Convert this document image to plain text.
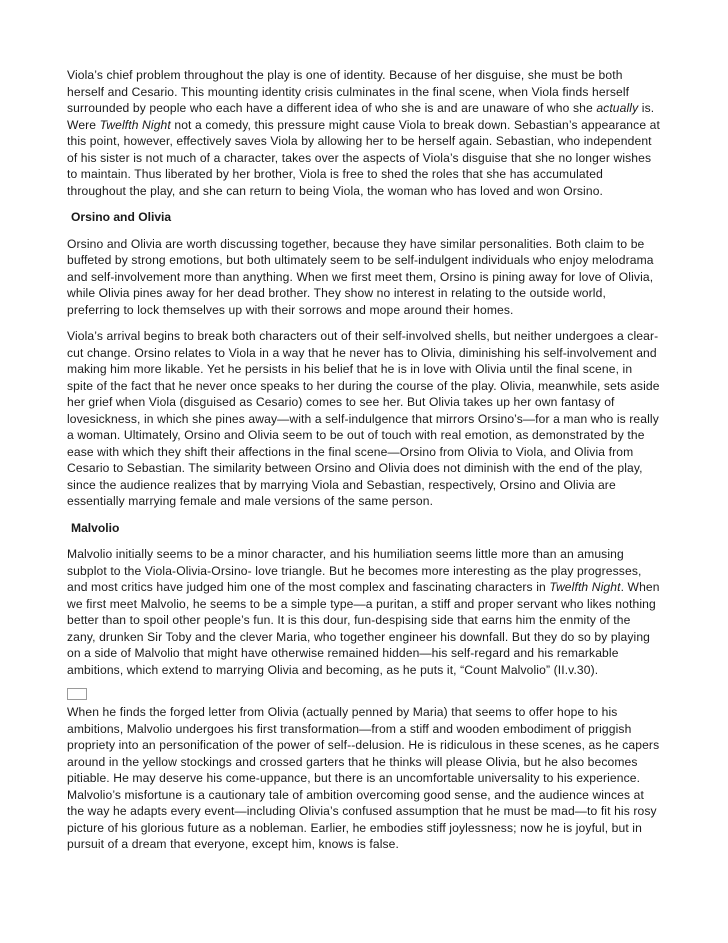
Viola’s chief problem throughout the play is one of identity. Because of her disguise, she must be both herself and Cesario. This mounting identity crisis culminates in the final scene, when Viola finds herself surrounded by people who each have a different idea of who she is and are unaware of who she actually is. Were Twelfth Night not a comedy, this pressure might cause Viola to break down. Sebastian’s appearance at this point, however, effectively saves Viola by allowing her to be herself again. Sebastian, who independent of his sister is not much of a character, takes over the aspects of Viola’s disguise that she no longer wishes to maintain. Thus liberated by her brother, Viola is free to shed the roles that she has accumulated throughout the play, and she can return to being Viola, the woman who has loved and won Orsino.

Orsino and Olivia

Orsino and Olivia are worth discussing together, because they have similar personalities. Both claim to be buffeted by strong emotions, but both ultimately seem to be self-indulgent individuals who enjoy melodrama and self-involvement more than anything. When we first meet them, Orsino is pining away for love of Olivia, while Olivia pines away for her dead brother. They show no interest in relating to the outside world, preferring to lock themselves up with their sorrows and mope around their homes.

Viola’s arrival begins to break both characters out of their self-involved shells, but neither undergoes a clear-cut change. Orsino relates to Viola in a way that he never has to Olivia, diminishing his self-involvement and making him more likable. Yet he persists in his belief that he is in love with Olivia until the final scene, in spite of the fact that he never once speaks to her during the course of the play. Olivia, meanwhile, sets aside her grief when Viola (disguised as Cesario) comes to see her. But Olivia takes up her own fantasy of lovesickness, in which she pines away—with a self-indulgence that mirrors Orsino’s—for a man who is really a woman. Ultimately, Orsino and Olivia seem to be out of touch with real emotion, as demonstrated by the ease with which they shift their affections in the final scene—Orsino from Olivia to Viola, and Olivia from Cesario to Sebastian. The similarity between Orsino and Olivia does not diminish with the end of the play, since the audience realizes that by marrying Viola and Sebastian, respectively, Orsino and Olivia are essentially marrying female and male versions of the same person.

Malvolio

Malvolio initially seems to be a minor character, and his humiliation seems little more than an amusing subplot to the Viola-Olivia-Orsino- love triangle. But he becomes more interesting as the play progresses, and most critics have judged him one of the most complex and fascinating characters in Twelfth Night. When we first meet Malvolio, he seems to be a simple type—a puritan, a stiff and proper servant who likes nothing better than to spoil other people’s fun. It is this dour, fun-despising side that earns him the enmity of the zany, drunken Sir Toby and the clever Maria, who together engineer his downfall. But they do so by playing on a side of Malvolio that might have otherwise remained hidden—his self-regard and his remarkable ambitions, which extend to marrying Olivia and becoming, as he puts it, “Count Malvolio” (II.v.30).

When he finds the forged letter from Olivia (actually penned by Maria) that seems to offer hope to his ambitions, Malvolio undergoes his first transformation—from a stiff and wooden embodiment of priggish propriety into an personification of the power of self--delusion. He is ridiculous in these scenes, as he capers around in the yellow stockings and crossed garters that he thinks will please Olivia, but he also becomes pitiable. He may deserve his come-uppance, but there is an uncomfortable universality to his experience. Malvolio’s misfortune is a cautionary tale of ambition overcoming good sense, and the audience winces at the way he adapts every event—including Olivia’s confused assumption that he must be mad—to fit his rosy picture of his glorious future as a nobleman. Earlier, he embodies stiff joylessness; now he is joyful, but in pursuit of a dream that everyone, except him, knows is false.
